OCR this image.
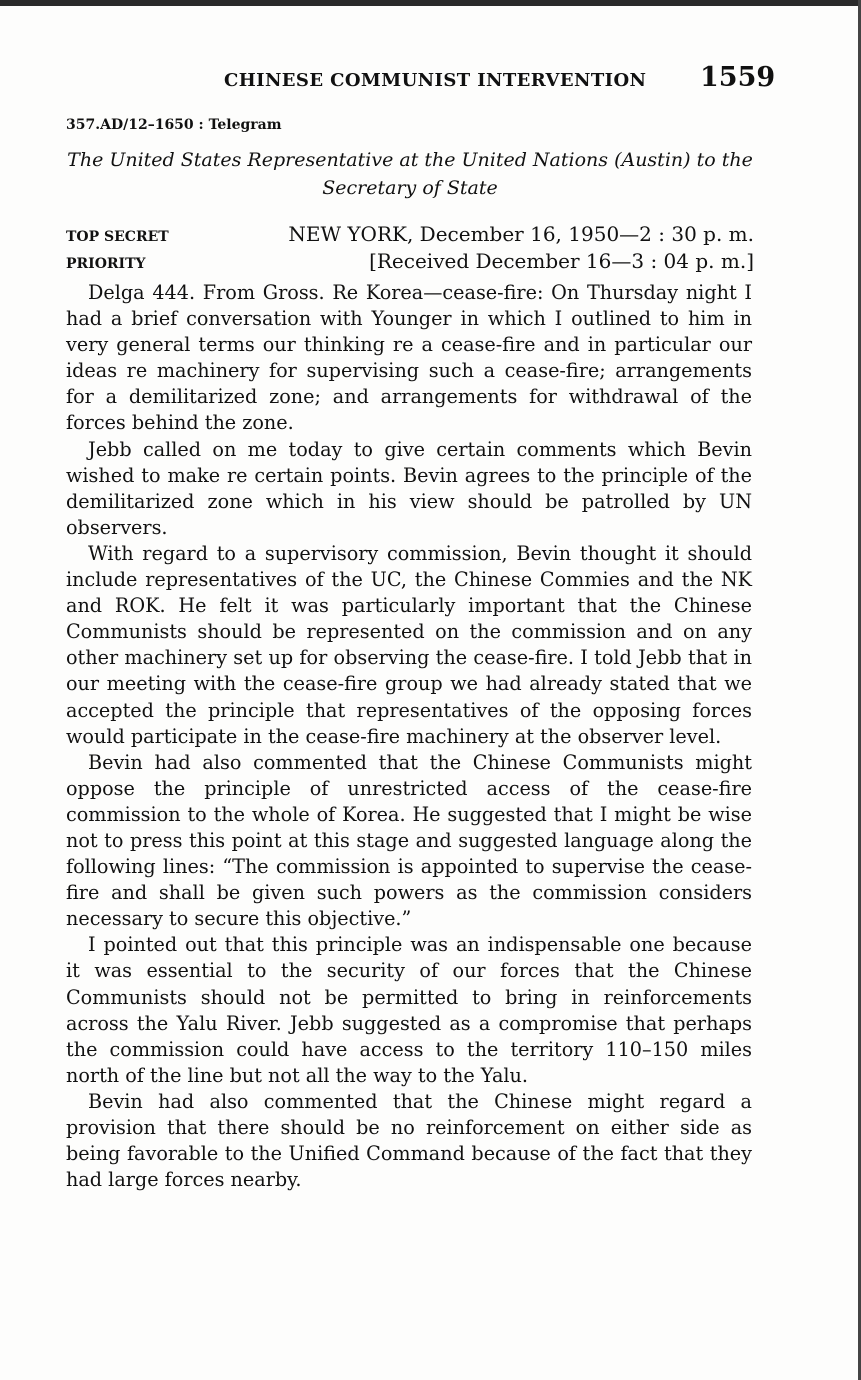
CHINESE COMMUNIST INTERVENTION 1559
357.AD/12–1650 : Telegram
The United States Representative at the United Nations (Austin) to the Secretary of State
TOP SECRET
PRIORITY
NEW YORK, December 16, 1950—2 : 30 p. m.
[Received December 16—3 : 04 p. m.]

Delga 444. From Gross. Re Korea—cease-fire: On Thursday night I had a brief conversation with Younger in which I outlined to him in very general terms our thinking re a cease-fire and in particular our ideas re machinery for supervising such a cease-fire; arrangements for a demilitarized zone; and arrangements for withdrawal of the forces behind the zone.

Jebb called on me today to give certain comments which Bevin wished to make re certain points. Bevin agrees to the principle of the demilitarized zone which in his view should be patrolled by UN observers.

With regard to a supervisory commission, Bevin thought it should include representatives of the UC, the Chinese Commies and the NK and ROK. He felt it was particularly important that the Chinese Communists should be represented on the commission and on any other machinery set up for observing the cease-fire. I told Jebb that in our meeting with the cease-fire group we had already stated that we accepted the principle that representatives of the opposing forces would participate in the cease-fire machinery at the observer level.

Bevin had also commented that the Chinese Communists might oppose the principle of unrestricted access of the cease-fire commission to the whole of Korea. He suggested that I might be wise not to press this point at this stage and suggested language along the following lines: “The commission is appointed to supervise the cease-fire and shall be given such powers as the commission considers necessary to secure this objective.”

I pointed out that this principle was an indispensable one because it was essential to the security of our forces that the Chinese Communists should not be permitted to bring in reinforcements across the Yalu River. Jebb suggested as a compromise that perhaps the commission could have access to the territory 110–150 miles north of the line but not all the way to the Yalu.

Bevin had also commented that the Chinese might regard a provision that there should be no reinforcement on either side as being favorable to the Unified Command because of the fact that they had large forces nearby.
